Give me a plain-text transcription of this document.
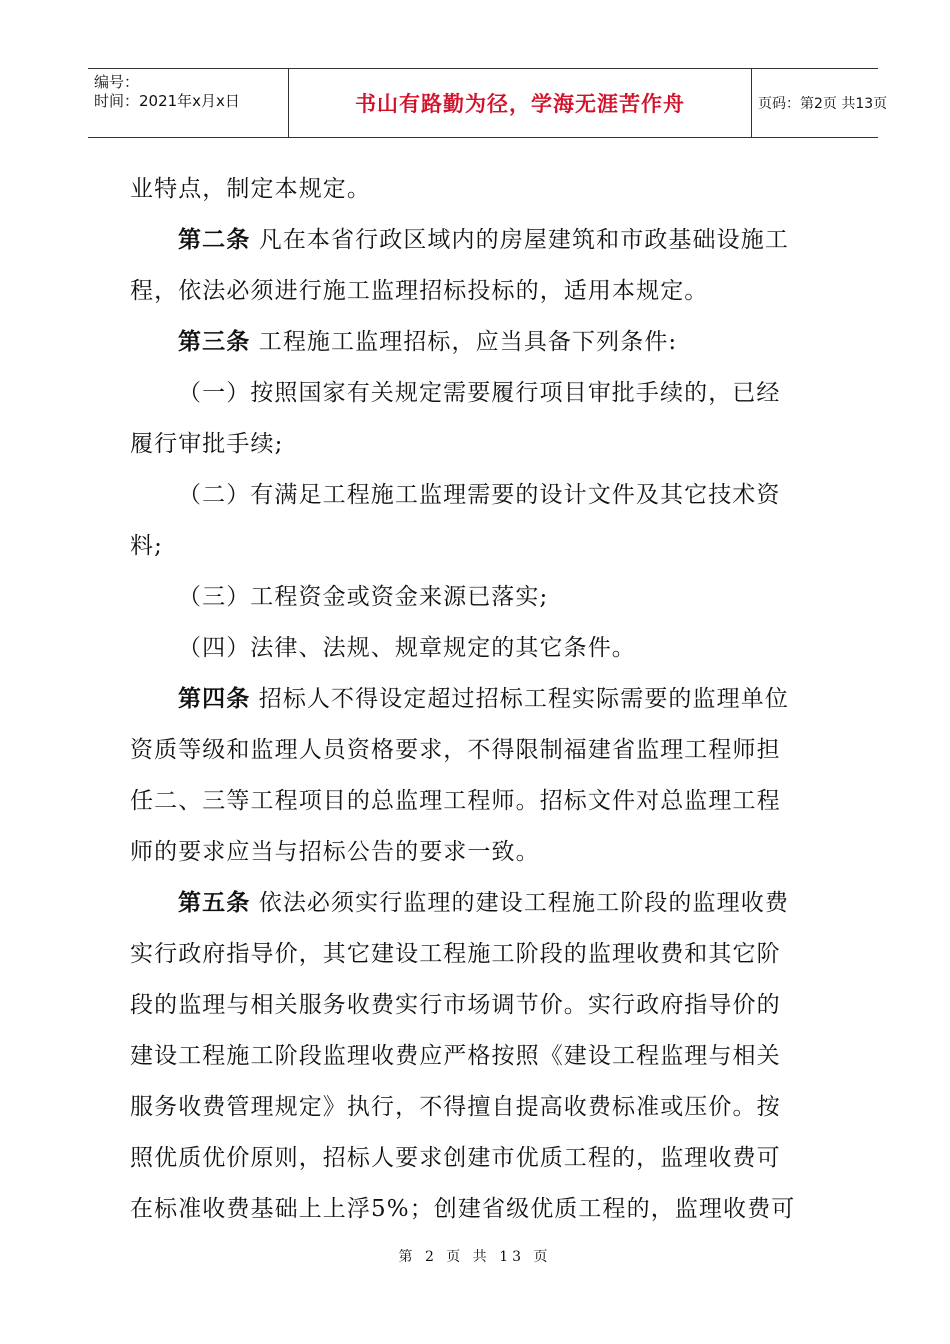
编号：
时间：2021年x月x日	书山有路勤为径，学海无涯苦作舟	页码：第2页 共13页

业特点，制定本规定。

第二条 凡在本省行政区域内的房屋建筑和市政基础设施工

程，依法必须进行施工监理招标投标的，适用本规定。

第三条 工程施工监理招标，应当具备下列条件:

（一）按照国家有关规定需要履行项目审批手续的，已经

履行审批手续;

（二）有满足工程施工监理需要的设计文件及其它技术资

料;

（三）工程资金或资金来源已落实;

（四）法律、法规、规章规定的其它条件。

第四条 招标人不得设定超过招标工程实际需要的监理单位

资质等级和监理人员资格要求，不得限制福建省监理工程师担

任二、三等工程项目的总监理工程师。招标文件对总监理工程

师的要求应当与招标公告的要求一致。

第五条 依法必须实行监理的建设工程施工阶段的监理收费

实行政府指导价，其它建设工程施工阶段的监理收费和其它阶

段的监理与相关服务收费实行市场调节价。实行政府指导价的

建设工程施工阶段监理收费应严格按照《建设工程监理与相关

服务收费管理规定》执行，不得擅自提高收费标准或压价。按

照优质优价原则，招标人要求创建市优质工程的，监理收费可

在标准收费基础上上浮5%；创建省级优质工程的，监理收费可

第 2 页 共 13 页
